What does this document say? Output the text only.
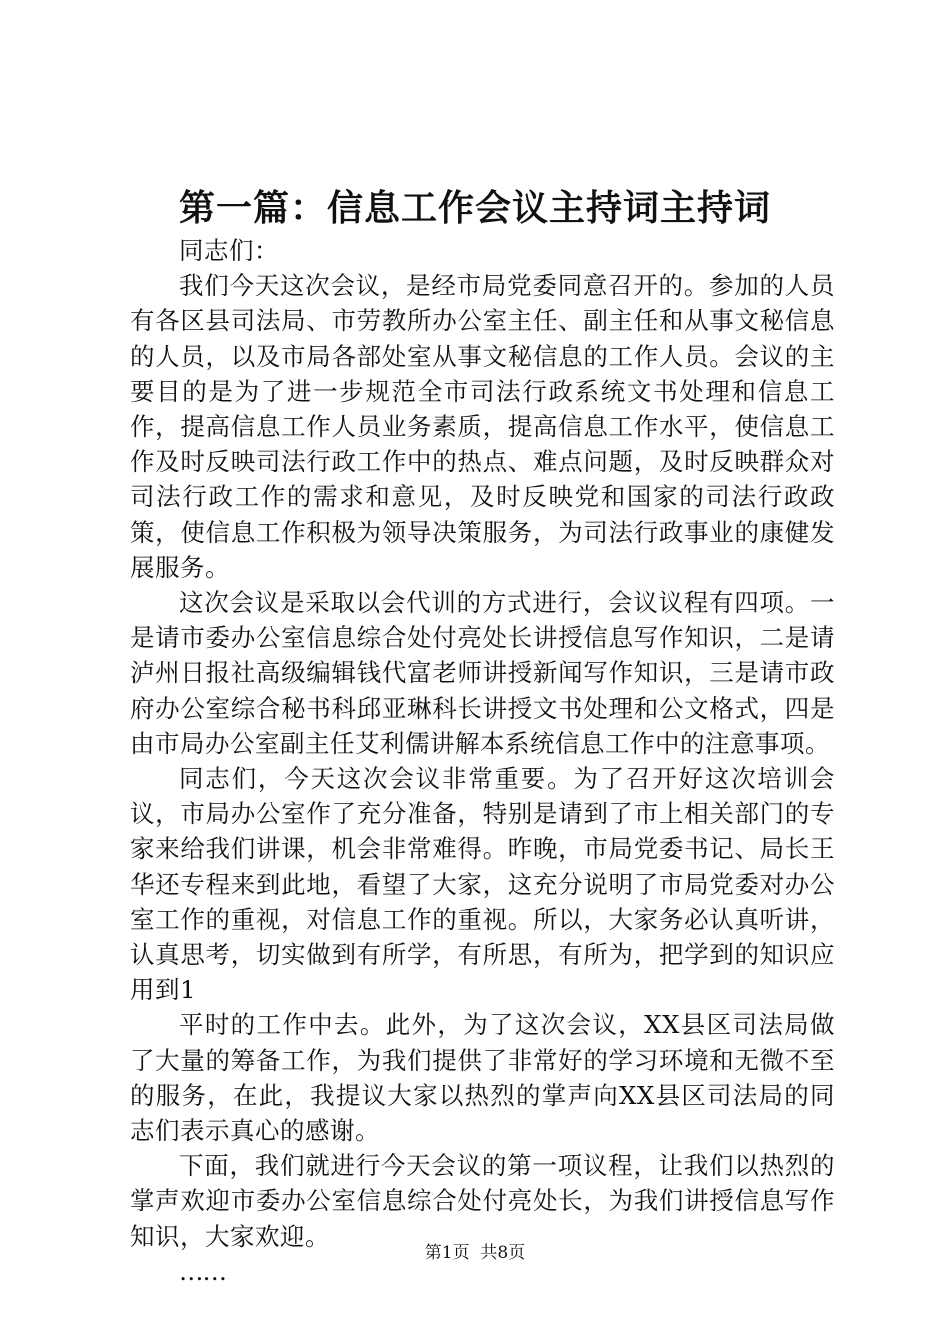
第一篇：信息工作会议主持词主持词

同志们：

我们今天这次会议，是经市局党委同意召开的。参加的人员有各区县司法局、市劳教所办公室主任、副主任和从事文秘信息的人员，以及市局各部处室从事文秘信息的工作人员。会议的主要目的是为了进一步规范全市司法行政系统文书处理和信息工作，提高信息工作人员业务素质，提高信息工作水平，使信息工作及时反映司法行政工作中的热点、难点问题，及时反映群众对司法行政工作的需求和意见，及时反映党和国家的司法行政政策，使信息工作积极为领导决策服务，为司法行政事业的康健发展服务。

这次会议是采取以会代训的方式进行，会议议程有四项。一是请市委办公室信息综合处付亮处长讲授信息写作知识，二是请泸州日报社高级编辑钱代富老师讲授新闻写作知识，三是请市政府办公室综合秘书科邱亚琳科长讲授文书处理和公文格式，四是由市局办公室副主任艾利儒讲解本系统信息工作中的注意事项。

同志们，今天这次会议非常重要。为了召开好这次培训会议，市局办公室作了充分准备，特别是请到了市上相关部门的专家来给我们讲课，机会非常难得。昨晚，市局党委书记、局长王华还专程来到此地，看望了大家，这充分说明了市局党委对办公室工作的重视，对信息工作的重视。所以，大家务必认真听讲，认真思考，切实做到有所学，有所思，有所为，把学到的知识应用到1

平时的工作中去。此外，为了这次会议，XX县区司法局做了大量的筹备工作，为我们提供了非常好的学习环境和无微不至的服务，在此，我提议大家以热烈的掌声向XX县区司法局的同志们表示真心的感谢。

下面，我们就进行今天会议的第一项议程，让我们以热烈的掌声欢迎市委办公室信息综合处付亮处长，为我们讲授信息写作知识，大家欢迎。

……
第1页  共8页
